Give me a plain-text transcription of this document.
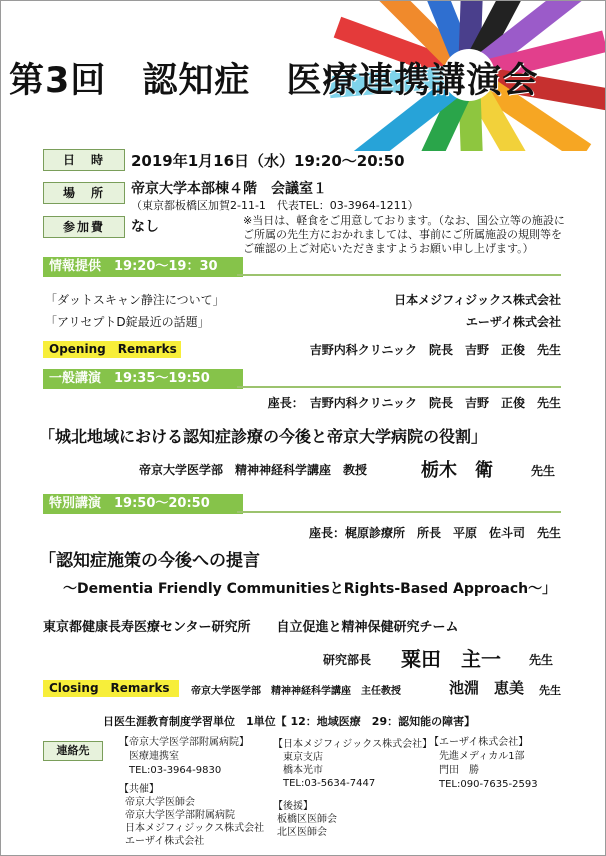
第3回　認知症　医療連携講演会
日　時	2019年1月16日（水）19:20～20:50
場　所	帝京大学本部棟４階　会議室１
（東京都板橋区加賀2-11-1　代表TEL：03-3964-1211）
参加費	なし	※当日は、軽食をご用意しております。（なお、国公立等の施設に
ご所属の先生方におかれましては、事前にご所属施設の規則等を
ご確認の上ご対応いただきますようお願い申し上げます。）
情報提供　19:20～19：30
「ダットスキャン静注について」	日本メジフィジックス株式会社
「アリセプトD錠最近の話題」	エーザイ株式会社
Opening　Remarks	吉野内科クリニック　院長　吉野　正俊　先生
一般講演　19:35～19:50
座長：　吉野内科クリニック　院長　吉野　正俊　先生
「城北地域における認知症診療の今後と帝京大学病院の役割」
帝京大学医学部　精神神経科学講座　教授	栃木　衛	先生
特別講演　19:50～20:50
座長：梶原診療所　所長　平原　佐斗司　先生
「認知症施策の今後への提言
～Dementia Friendly CommunitiesとRights-Based Approach～」
東京都健康長寿医療センター研究所　　自立促進と精神保健研究チーム
研究部長 粟田　主一 先生
Closing　Remarks	帝京大学医学部　精神神経科学講座　主任教授	池淵　恵美 先生
日医生涯教育制度学習単位　1単位【 12：地域医療　29：認知能の障害】
連絡先
【帝京大学医学部附属病院】
　医療連携室
　TEL:03-3964-9830
【日本メジフィジックス株式会社】
　東京支店
　橋本光市
　TEL:03-5634-7447
【エーザイ株式会社】
　先進メディカル1部
　門田　勝
　TEL:090-7635-2593
【共催】
帝京大学医師会
帝京大学医学部附属病院
日本メジフィジックス株式会社
エーザイ株式会社
【後援】
板橋区医師会
北区医師会
